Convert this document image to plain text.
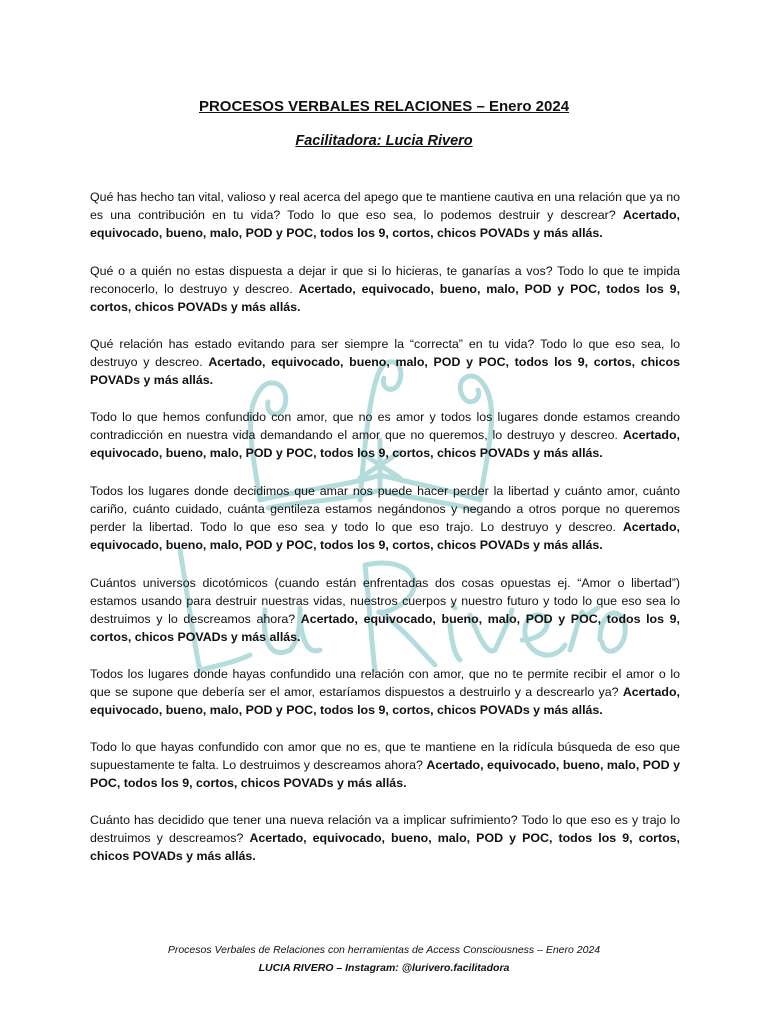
PROCESOS VERBALES RELACIONES – Enero 2024
Facilitadora: Lucia Rivero

Qué has hecho tan vital, valioso y real acerca del apego que te mantiene cautiva en una relación que ya no es una contribución en tu vida? Todo lo que eso sea, lo podemos destruir y descrear? Acertado, equivocado, bueno, malo, POD y POC, todos los 9, cortos, chicos POVADs y más allás.

Qué o a quién no estas dispuesta a dejar ir que si lo hicieras, te ganarías a vos? Todo lo que te impida reconocerlo, lo destruyo y descreo. Acertado, equivocado, bueno, malo, POD y POC, todos los 9, cortos, chicos POVADs y más allás.

Qué relación has estado evitando para ser siempre la “correcta” en tu vida? Todo lo que eso sea, lo destruyo y descreo. Acertado, equivocado, bueno, malo, POD y POC, todos los 9, cortos, chicos POVADs y más allás.

Todo lo que hemos confundido con amor, que no es amor y todos los lugares donde estamos creando contradicción en nuestra vida demandando el amor que no queremos, lo destruyo y descreo. Acertado, equivocado, bueno, malo, POD y POC, todos los 9, cortos, chicos POVADs y más allás.

Todos los lugares donde decidimos que amar nos puede hacer perder la libertad y cuánto amor, cuánto cariño, cuánto cuidado, cuánta gentileza estamos negándonos y negando a otros porque no queremos perder la libertad. Todo lo que eso sea y todo lo que eso trajo. Lo destruyo y descreo. Acertado, equivocado, bueno, malo, POD y POC, todos los 9, cortos, chicos POVADs y más allás.

Cuántos universos dicotómicos (cuando están enfrentadas dos cosas opuestas ej. “Amor o libertad”) estamos usando para destruir nuestras vidas, nuestros cuerpos y nuestro futuro y todo lo que eso sea lo destruimos y lo descreamos ahora? Acertado, equivocado, bueno, malo, POD y POC, todos los 9, cortos, chicos POVADs y más allás.

Todos los lugares donde hayas confundido una relación con amor, que no te permite recibir el amor o lo que se supone que debería ser el amor, estaríamos dispuestos a destruirlo y a descrearlo ya? Acertado, equivocado, bueno, malo, POD y POC, todos los 9, cortos, chicos POVADs y más allás.

Todo lo que hayas confundido con amor que no es, que te mantiene en la ridícula búsqueda de eso que supuestamente te falta. Lo destruimos y descreamos ahora? Acertado, equivocado, bueno, malo, POD y POC, todos los 9, cortos, chicos POVADs y más allás.

Cuánto has decidido que tener una nueva relación va a implicar sufrimiento? Todo lo que eso es y trajo lo destruimos y descreamos? Acertado, equivocado, bueno, malo, POD y POC, todos los 9, cortos, chicos POVADs y más allás.

Procesos Verbales de Relaciones con herramientas de Access Consciousness – Enero 2024
LUCIA RIVERO – Instagram: @lurivero.facilitadora
